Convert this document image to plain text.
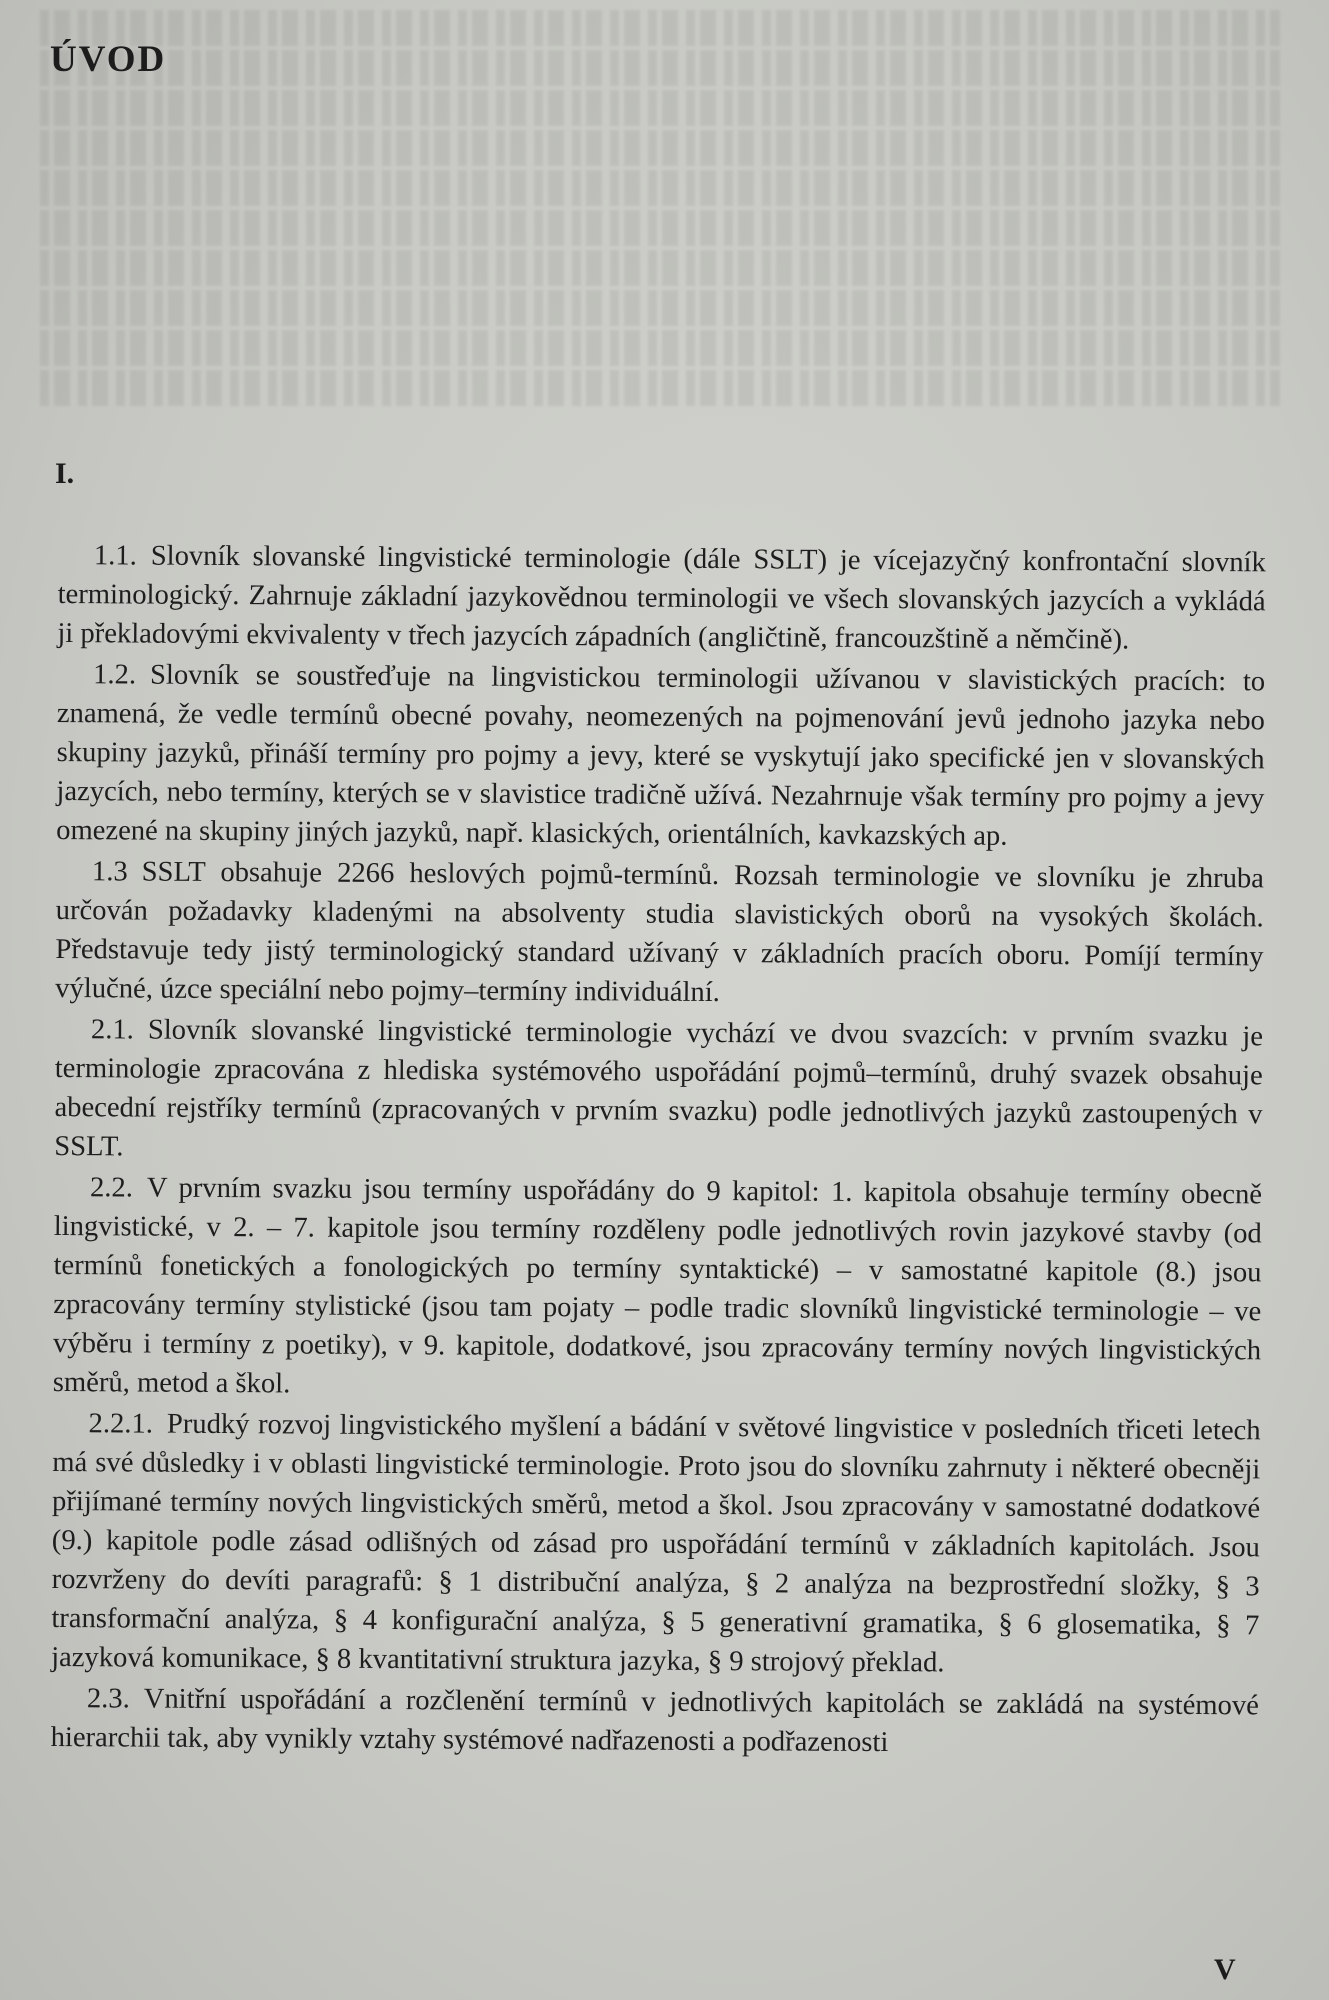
ÚVOD
I.

1.1. Slovník slovanské lingvistické terminologie (dále SSLT) je vícejazyčný konfrontační slovník terminologický. Zahrnuje základní jazykovědnou terminologii ve všech slovanských jazycích a vykládá ji překladovými ekvivalenty v třech jazycích západních (angličtině, francouzštině a němčině).

1.2. Slovník se soustřeďuje na lingvistickou terminologii užívanou v slavistických pracích: to znamená, že vedle termínů obecné povahy, neomezených na pojmenování jevů jednoho jazyka nebo skupiny jazyků, přináší termíny pro pojmy a jevy, které se vyskytují jako specifické jen v slovanských jazycích, nebo termíny, kterých se v slavistice tradičně užívá. Nezahrnuje však termíny pro pojmy a jevy omezené na skupiny jiných jazyků, např. klasických, orientálních, kavkazských ap.

1.3 SSLT obsahuje 2266 heslových pojmů-termínů. Rozsah terminologie ve slovníku je zhruba určován požadavky kladenými na absolventy studia slavistických oborů na vysokých školách. Představuje tedy jistý terminologický standard užívaný v základních pracích oboru. Pomíjí termíny výlučné, úzce speciální nebo pojmy–termíny individuální.

2.1. Slovník slovanské lingvistické terminologie vychází ve dvou svazcích: v prvním svazku je terminologie zpracována z hlediska systémového uspořádání pojmů–termínů, druhý svazek obsahuje abecední rejstříky termínů (zpracovaných v prvním svazku) podle jednotlivých jazyků zastoupených v SSLT.

2.2. V prvním svazku jsou termíny uspořádány do 9 kapitol: 1. kapitola obsahuje termíny obecně lingvistické, v 2. – 7. kapitole jsou termíny rozděleny podle jednotlivých rovin jazykové stavby (od termínů fonetických a fonologických po termíny syntaktické) – v samostatné kapitole (8.) jsou zpracovány termíny stylistické (jsou tam pojaty – podle tradic slovníků lingvistické terminologie – ve výběru i termíny z poetiky), v 9. kapitole, dodatkové, jsou zpracovány termíny nových lingvistických směrů, metod a škol.

2.2.1. Prudký rozvoj lingvistického myšlení a bádání v světové lingvistice v posledních třiceti letech má své důsledky i v oblasti lingvistické terminologie. Proto jsou do slovníku zahrnuty i některé obecněji přijímané termíny nových lingvistických směrů, metod a škol. Jsou zpracovány v samostatné dodatkové (9.) kapitole podle zásad odlišných od zásad pro uspořádání termínů v základních kapitolách. Jsou rozvrženy do devíti paragrafů: § 1 distribuční analýza, § 2 analýza na bezprostřední složky, § 3 transformační analýza, § 4 konfigurační analýza, § 5 generativní gramatika, § 6 glosematika, § 7 jazyková komunikace, § 8 kvantitativní struktura jazyka, § 9 strojový překlad.

2.3. Vnitřní uspořádání a rozčlenění termínů v jednotlivých kapitolách se zakládá na systémové hierarchii tak, aby vynikly vztahy systémové nadřazenosti a podřazenosti

V
